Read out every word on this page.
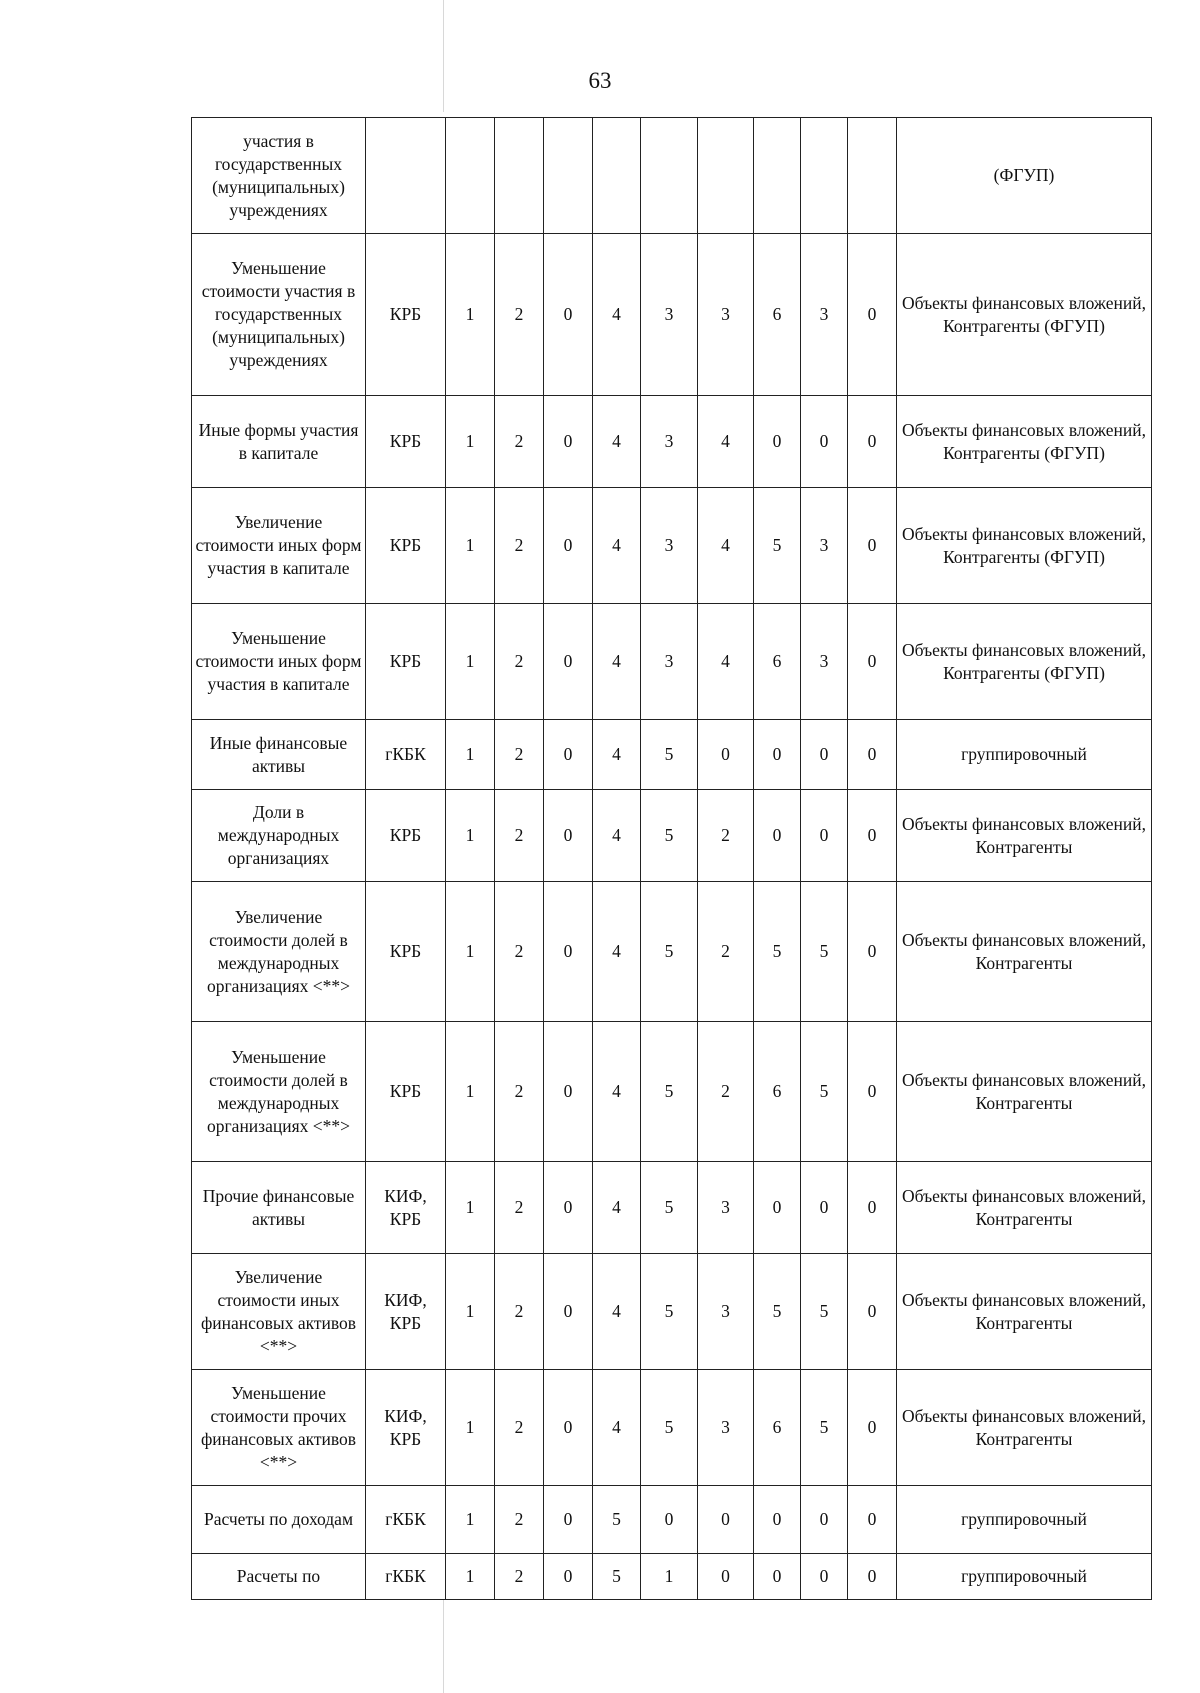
63
участия в государственных (муниципальных) учреждениях											(ФГУП)
Уменьшение стоимости участия в государственных (муниципальных) учреждениях	КРБ	1	2	0	4	3	3	6	3	0	Объекты финансовых вложений, Контрагенты (ФГУП)
Иные формы участия в капитале	КРБ	1	2	0	4	3	4	0	0	0	Объекты финансовых вложений, Контрагенты (ФГУП)
Увеличение стоимости иных форм участия в капитале	КРБ	1	2	0	4	3	4	5	3	0	Объекты финансовых вложений, Контрагенты (ФГУП)
Уменьшение стоимости иных форм участия в капитале	КРБ	1	2	0	4	3	4	6	3	0	Объекты финансовых вложений, Контрагенты (ФГУП)
Иные финансовые активы	гКБК	1	2	0	4	5	0	0	0	0	группировочный
Доли в международных организациях	КРБ	1	2	0	4	5	2	0	0	0	Объекты финансовых вложений, Контрагенты
Увеличение стоимости долей в международных организациях <**>	КРБ	1	2	0	4	5	2	5	5	0	Объекты финансовых вложений, Контрагенты
Уменьшение стоимости долей в международных организациях <**>	КРБ	1	2	0	4	5	2	6	5	0	Объекты финансовых вложений, Контрагенты
Прочие финансовые активы	КИФ, КРБ	1	2	0	4	5	3	0	0	0	Объекты финансовых вложений, Контрагенты
Увеличение стоимости иных финансовых активов <**>	КИФ, КРБ	1	2	0	4	5	3	5	5	0	Объекты финансовых вложений, Контрагенты
Уменьшение стоимости прочих финансовых активов <**>	КИФ, КРБ	1	2	0	4	5	3	6	5	0	Объекты финансовых вложений, Контрагенты
Расчеты по доходам	гКБК	1	2	0	5	0	0	0	0	0	группировочный
Расчеты по	гКБК	1	2	0	5	1	0	0	0	0	группировочный
